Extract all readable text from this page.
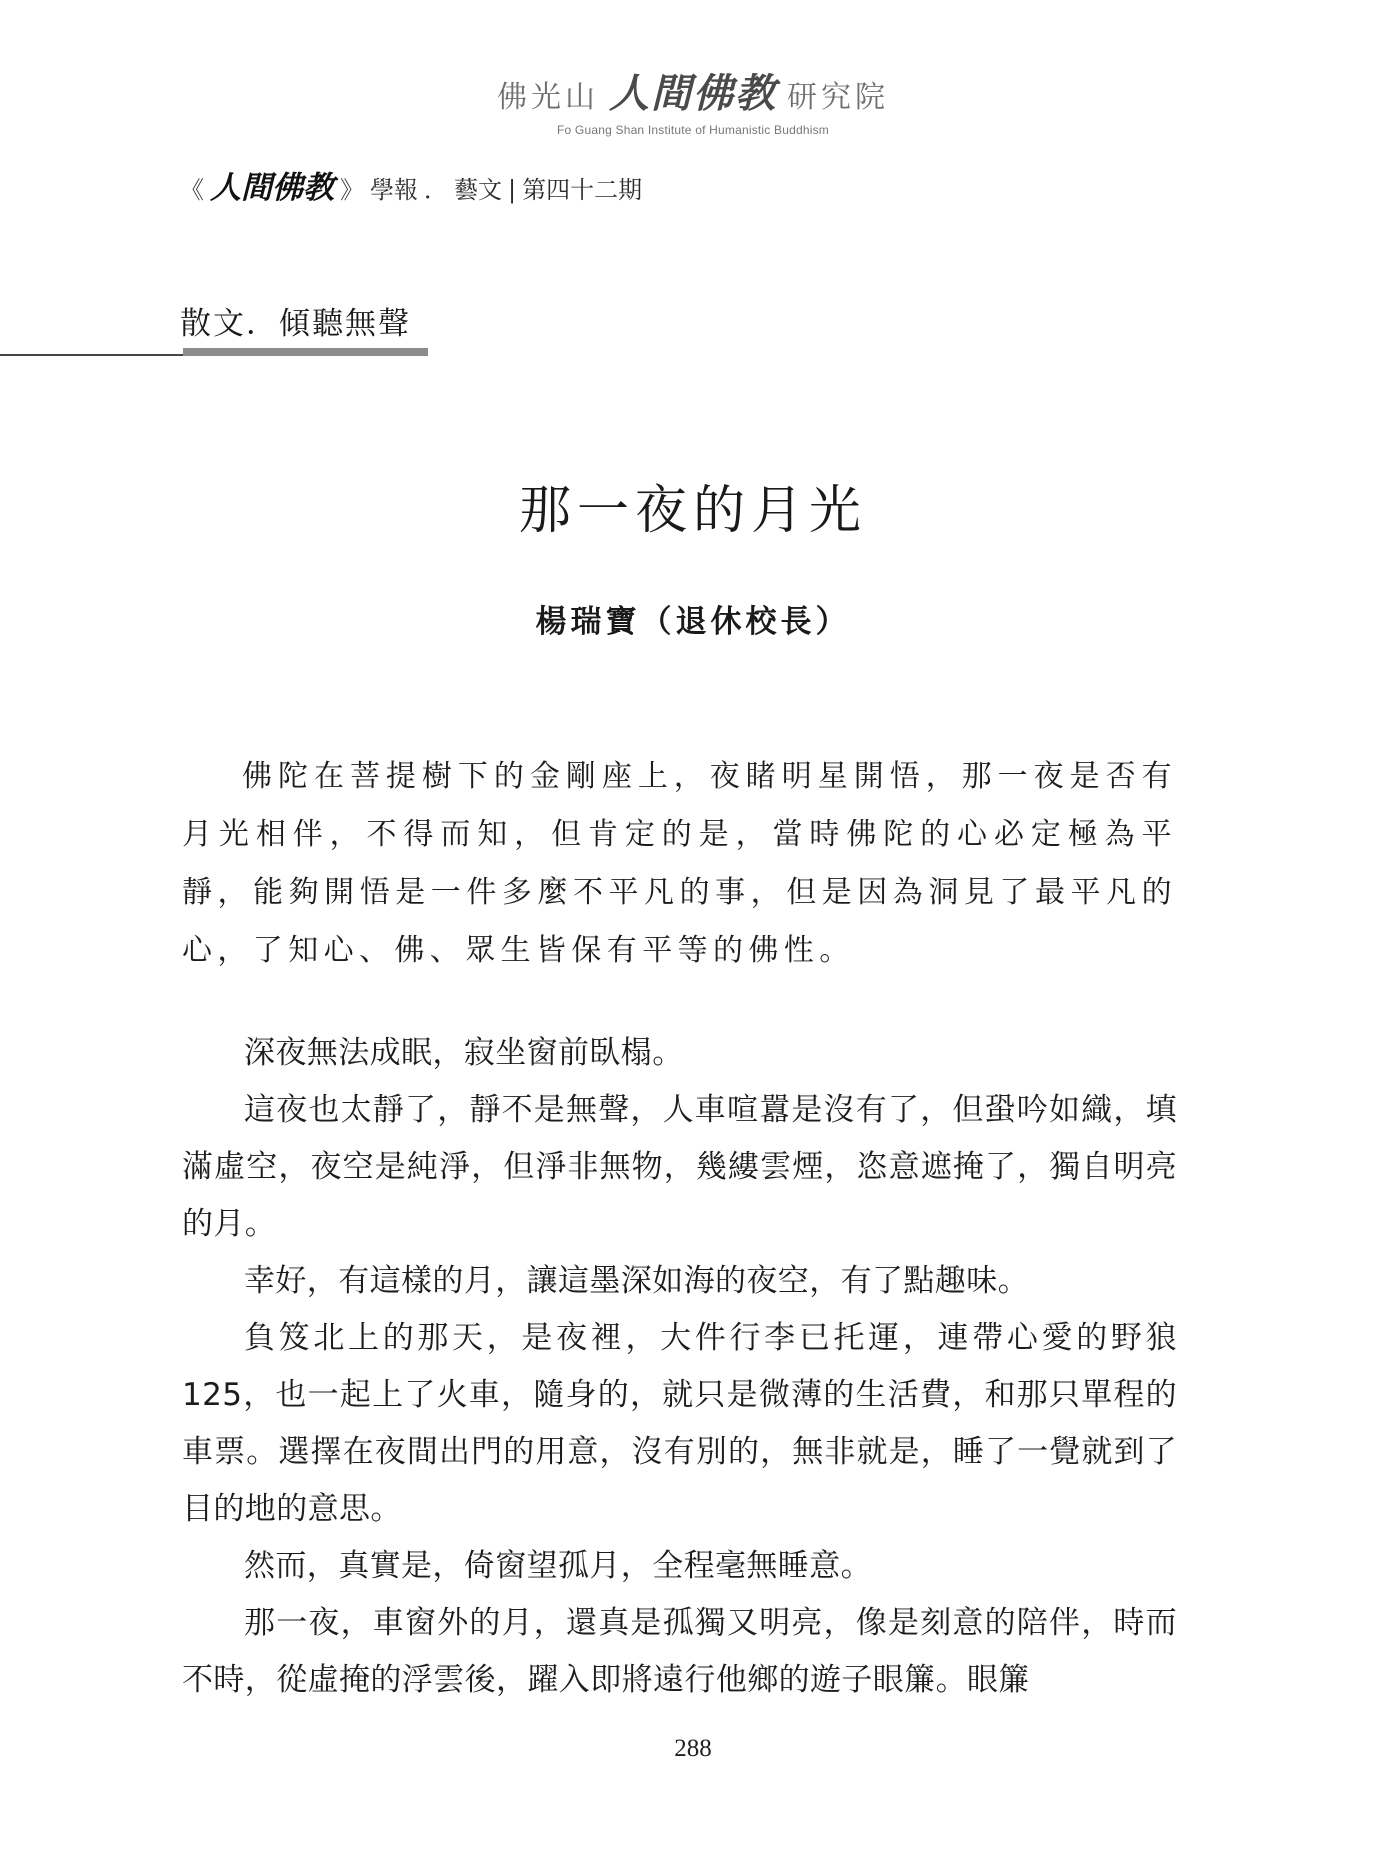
佛光山 人間佛教 研究院
Fo Guang Shan Institute of Humanistic Buddhism
《 人間佛教 》 學報 ． 藝文 | 第四十二期
散文．傾聽無聲
那一夜的月光
楊瑞寶（退休校長）

佛陀在菩提樹下的金剛座上，夜睹明星開悟，那一夜是否有月光相伴，不得而知，但肯定的是，當時佛陀的心必定極為平靜，能夠開悟是一件多麼不平凡的事，但是因為洞見了最平凡的心，了知心、佛、眾生皆保有平等的佛性。

深夜無法成眠，寂坐窗前臥榻。

這夜也太靜了，靜不是無聲，人車喧囂是沒有了，但蛩吟如織，填滿虛空，夜空是純淨，但淨非無物，幾縷雲煙，恣意遮掩了，獨自明亮的月。

幸好，有這樣的月，讓這墨深如海的夜空，有了點趣味。

負笈北上的那天，是夜裡，大件行李已托運，連帶心愛的野狼125，也一起上了火車，隨身的，就只是微薄的生活費，和那只單程的車票。選擇在夜間出門的用意，沒有別的，無非就是，睡了一覺就到了目的地的意思。

然而，真實是，倚窗望孤月，全程毫無睡意。

那一夜，車窗外的月，還真是孤獨又明亮，像是刻意的陪伴，時而不時，從虛掩的浮雲後，躍入即將遠行他鄉的遊子眼簾。眼簾

288
